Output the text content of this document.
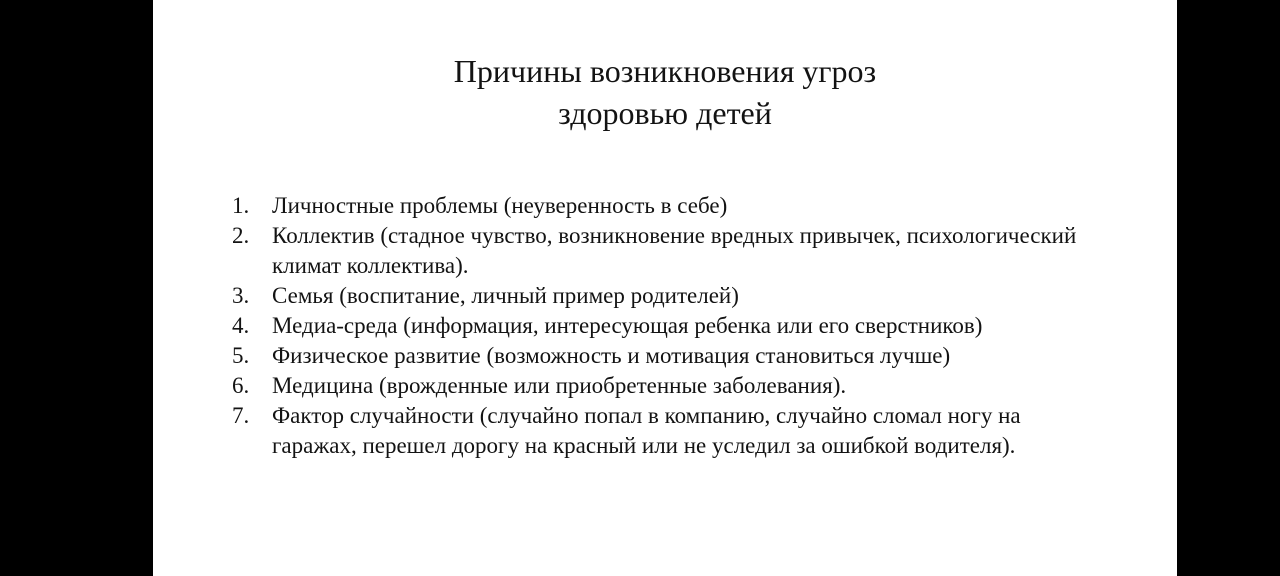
Причины возникновения угроз
здоровью детей
1. Личностные проблемы (неуверенность в себе)
2. Коллектив (стадное чувство, возникновение вредных привычек, психологический климат коллектива).
3. Семья (воспитание, личный пример родителей)
4. Медиа-среда (информация, интересующая ребенка или его сверстников)
5. Физическое развитие (возможность и мотивация становиться лучше)
6. Медицина (врожденные или приобретенные заболевания).
7. Фактор случайности (случайно попал в компанию, случайно сломал ногу на гаражах, перешел дорогу на красный или не уследил за ошибкой водителя).
